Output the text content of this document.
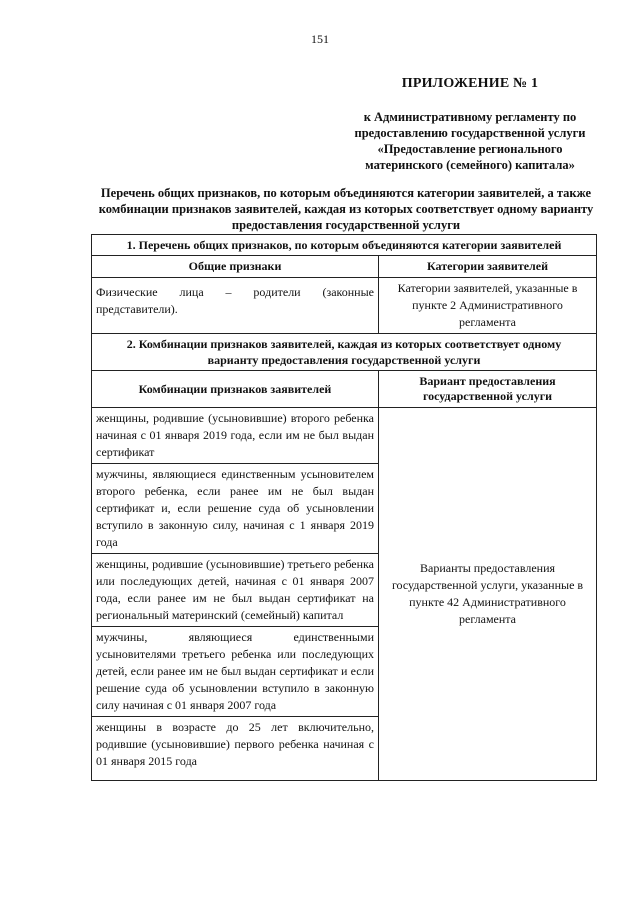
151
ПРИЛОЖЕНИЕ № 1
к Административному регламенту по предоставлению государственной услуги «Предоставление регионального материнского (семейного) капитала»
Перечень общих признаков, по которым объединяются категории заявителей, а также комбинации признаков заявителей, каждая из которых соответствует одному варианту предоставления государственной услуги
1. Перечень общих признаков, по которым объединяются категории заявителей	
Общие признаки	Категории заявителей
Физические лица – родители (законные представители).	Категории заявителей, указанные в пункте 2 Административного регламента
2. Комбинации признаков заявителей, каждая из которых соответствует одному варианту предоставления государственной услуги	
Комбинации признаков заявителей	Вариант предоставления государственной услуги
женщины, родившие (усыновившие) второго ребенка начиная с 01 января 2019 года, если им не был выдан сертификат	Варианты предоставления государственной услуги, указанные в пункте 42 Административного регламента
мужчины, являющиеся единственным усыновителем второго ребенка, если ранее им не был выдан сертификат и, если решение суда об усыновлении вступило в законную силу, начиная с 1 января 2019 года	
женщины, родившие (усыновившие) третьего ребенка или последующих детей, начиная с 01 января 2007 года, если ранее им не был выдан сертификат на региональный материнский (семейный) капитал	
мужчины, являющиеся единственными усыновителями третьего ребенка или последующих детей, если ранее им не был выдан сертификат и если решение суда об усыновлении вступило в законную силу начиная с 01 января 2007 года	
женщины в возрасте до 25 лет включительно, родившие (усыновившие) первого ребенка начиная с 01 января 2015 года	
